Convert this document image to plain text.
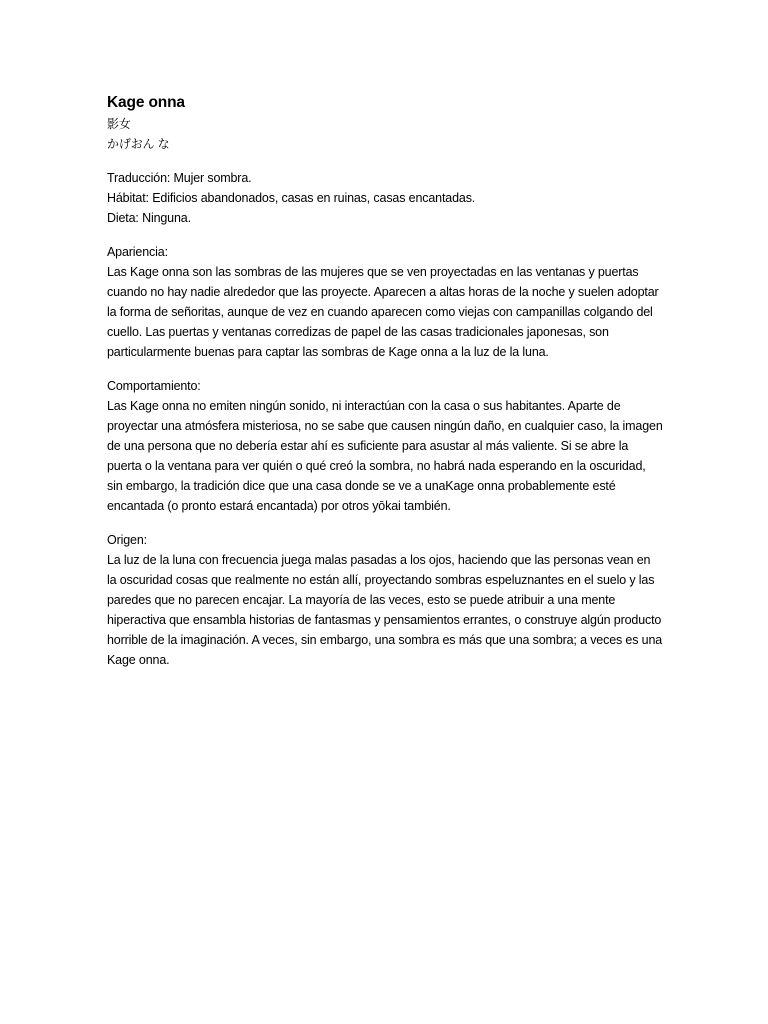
Kage onna

影女

かげおん な

Traducción: Mujer sombra.

Hábitat: Edificios abandonados, casas en ruinas, casas encantadas.

Dieta: Ninguna.

Apariencia:

Las Kage onna son las sombras de las mujeres que se ven proyectadas en las ventanas y puertas cuando no hay nadie alrededor que las proyecte. Aparecen a altas horas de la noche y suelen adoptar la forma de señoritas, aunque de vez en cuando aparecen como viejas con campanillas colgando del cuello. Las puertas y ventanas corredizas de papel de las casas tradicionales japonesas, son particularmente buenas para captar las sombras de Kage onna a la luz de la luna.

Comportamiento:

Las Kage onna no emiten ningún sonido, ni interactúan con la casa o sus habitantes. Aparte de proyectar una atmósfera misteriosa, no se sabe que causen ningún daño, en cualquier caso, la imagen de una persona que no debería estar ahí es suficiente para asustar al más valiente. Si se abre la puerta o la ventana para ver quién o qué creó la sombra, no habrá nada esperando en la oscuridad, sin embargo, la tradición dice que una casa donde se ve a unaKage onna probablemente esté encantada (o pronto estará encantada) por otros yōkai también.

Origen:

La luz de la luna con frecuencia juega malas pasadas a los ojos, haciendo que las personas vean en la oscuridad cosas que realmente no están allí, proyectando sombras espeluznantes en el suelo y las paredes que no parecen encajar. La mayoría de las veces, esto se puede atribuir a una mente hiperactiva que ensambla historias de fantasmas y pensamientos errantes, o construye algún producto horrible de la imaginación. A veces, sin embargo, una sombra es más que una sombra; a veces es una Kage onna.
